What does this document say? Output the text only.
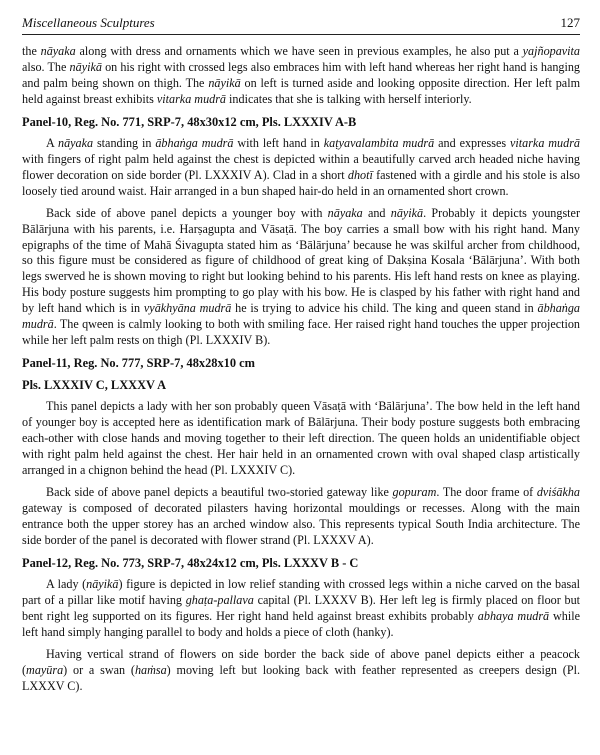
Miscellaneous Sculptures	127

the nāyaka along with dress and ornaments which we have seen in previous examples, he also put a yajñopavita also. The nāyikā on his right with crossed legs also embraces him with left hand whereas her right hand is hanging and palm being shown on thigh. The nāyikā on left is turned aside and looking opposite direction. Her left palm held against breast exhibits vitarka mudrā indicates that she is talking with herself interiorly.

Panel-10, Reg. No. 771, SRP-7, 48x30x12 cm, Pls. LXXXIV A-B

A nāyaka standing in ābhaṅga mudrā with left hand in kaṭyavalambita mudrā and expresses vitarka mudrā with fingers of right palm held against the chest is depicted within a beautifully carved arch headed niche having flower decoration on side border (Pl. LXXXIV A). Clad in a short dhotī fastened with a girdle and his stole is also loosely tied around waist. Hair arranged in a bun shaped hair-do held in an ornamented short crown.

Back side of above panel depicts a younger boy with nāyaka and nāyikā. Probably it depicts youngster Bālārjuna with his parents, i.e. Harṣagupta and Vāsaṭā. The boy carries a small bow with his right hand. Many epigraphs of the time of Mahā Śivagupta stated him as ‘Bālārjuna’ because he was skilful archer from childhood, so this figure must be considered as figure of childhood of great king of Dakṣina Kosala ‘Bālārjuna’. With both legs swerved he is shown moving to right but looking behind to his parents. His left hand rests on knee as playing. His body posture suggests him prompting to go play with his bow. He is clasped by his father with right hand and by left hand which is in vyākhyāna mudrā he is trying to advice his child. The king and queen stand in ābhaṅga mudrā. The qween is calmly looking to both with smiling face. Her raised right hand touches the upper projection while her left palm rests on thigh (Pl. LXXXIV B).

Panel-11, Reg. No. 777, SRP-7, 48x28x10 cm
Pls. LXXXIV C, LXXXV A

This panel depicts a lady with her son probably queen Vāsaṭā with ‘Bālārjuna’. The bow held in the left hand of younger boy is accepted here as identification mark of Bālārjuna. Their body posture suggests both embracing each-other with close hands and moving together to their left direction. The queen holds an unidentifiable object with right palm held against the chest. Her hair held in an ornamented crown with oval shaped clasp artistically arranged in a chignon behind the head (Pl. LXXXIV C).

Back side of above panel depicts a beautiful two-storied gateway like gopuram. The door frame of dviśākha gateway is composed of decorated pilasters having horizontal mouldings or recesses. Along with the main entrance both the upper storey has an arched window also. This represents typical South India architecture. The side border of the panel is decorated with flower strand (Pl. LXXXV A).

Panel-12, Reg. No. 773, SRP-7, 48x24x12 cm, Pls. LXXXV B - C

A lady (nāyikā) figure is depicted in low relief standing with crossed legs within a niche carved on the basal part of a pillar like motif having ghaṭa-pallava capital (Pl. LXXXV B). Her left leg is firmly placed on floor but bent right leg supported on its figures. Her right hand held against breast exhibits probably abhaya mudrā while left hand simply hanging parallel to body and holds a piece of cloth (hanky).

Having vertical strand of flowers on side border the back side of above panel depicts either a peacock (mayūra) or a swan (haṁsa) moving left but looking back with feather represented as creepers design (Pl. LXXXV C).
